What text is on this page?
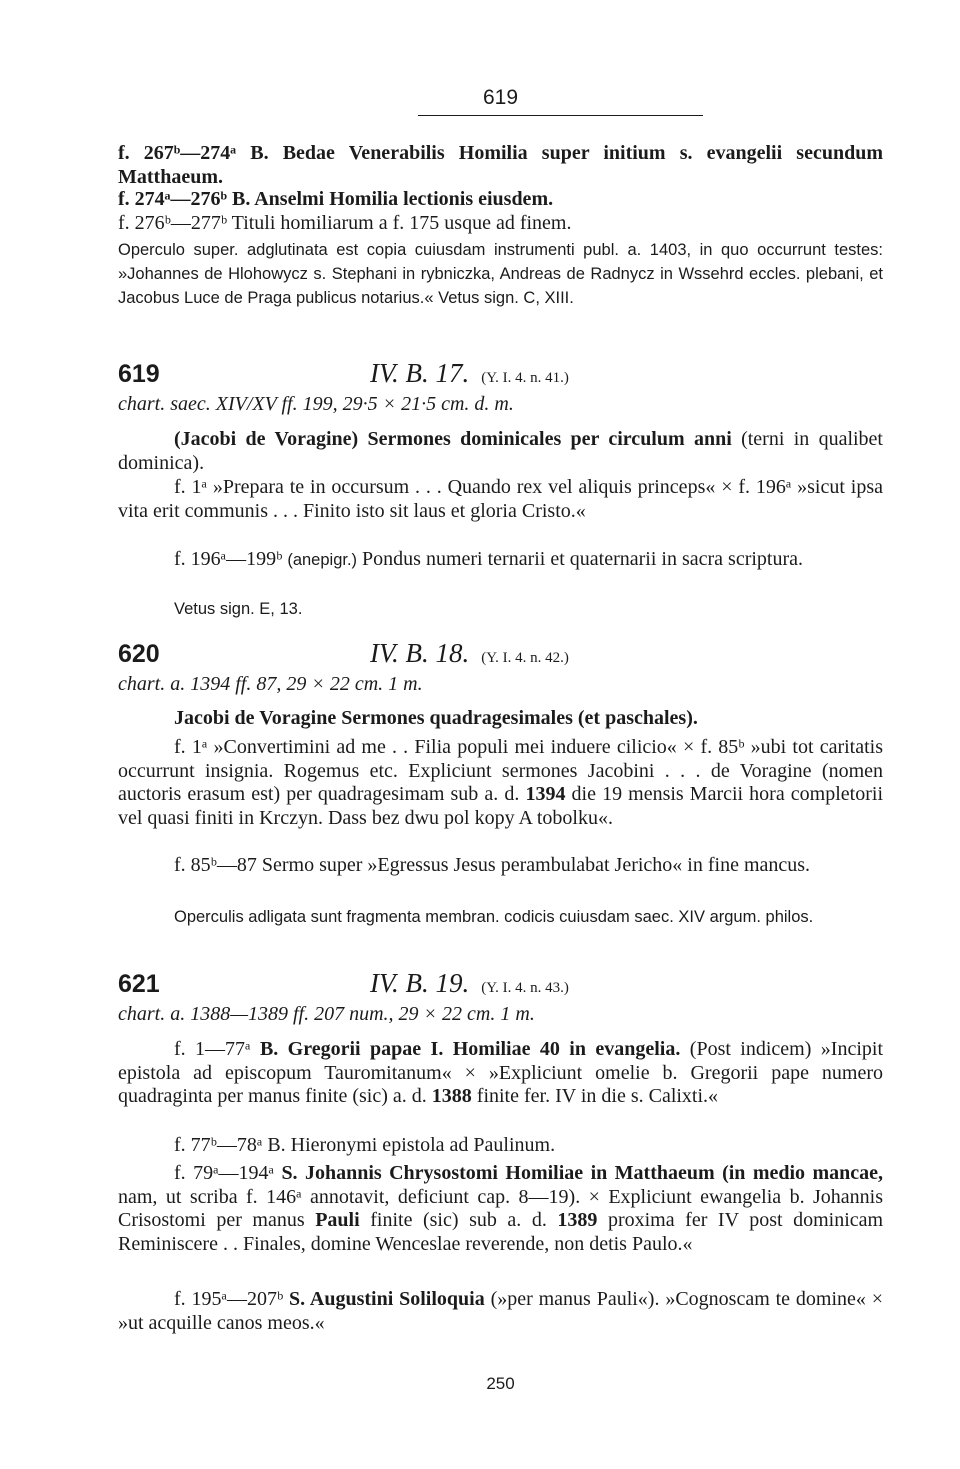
619

f. 267ᵇ—274ᵃ B. Bedae Venerabilis Homilia super initium s. evangelii secundum Matthaeum.

f. 274ᵃ—276ᵇ B. Anselmi Homilia lectionis eiusdem.

f. 276ᵇ—277ᵇ Tituli homiliarum a f. 175 usque ad finem.

Operculo super. adglutinata est copia cuiusdam instrumenti publ. a. 1403, in quo occurrunt testes: »Johannes de Hlohowycz s. Stephani in rybniczka, Andreas de Radnycz in Wssehrd eccles. plebani, et Jacobus Luce de Praga publicus notarius.« Vetus sign. C, XIII.

619	IV. B. 17. (Y. I. 4. n. 41.)

chart. saec. XIV/XV ff. 199, 29·5 × 21·5 cm. d. m.

(Jacobi de Voragine) Sermones dominicales per circulum anni (terni in qualibet dominica).

f. 1ᵃ »Prepara te in occursum . . . Quando rex vel aliquis princeps« × f. 196ᵃ »sicut ipsa vita erit communis . . . Finito isto sit laus et gloria Cristo.«

f. 196ᵃ—199ᵇ (anepigr.) Pondus numeri ternarii et quaternarii in sacra scriptura.

Vetus sign. E, 13.

620	IV. B. 18. (Y. I. 4. n. 42.)

chart. a. 1394 ff. 87, 29 × 22 cm. 1 m.

Jacobi de Voragine Sermones quadragesimales (et paschales).

f. 1ᵃ »Convertimini ad me . . Filia populi mei induere cilicio« × f. 85ᵇ »ubi tot caritatis occurrunt insignia. Rogemus etc. Expliciunt sermones Jacobini . . . de Voragine (nomen auctoris erasum est) per quadragesimam sub a. d. 1394 die 19 mensis Marcii hora completorii vel quasi finiti in Krczyn. Dass bez dwu pol kopy A tobolku«.

f. 85ᵇ—87 Sermo super »Egressus Jesus perambulabat Jericho« in fine mancus.

Operculis adligata sunt fragmenta membran. codicis cuiusdam saec. XIV argum. philos.

621	IV. B. 19. (Y. I. 4. n. 43.)

chart. a. 1388—1389 ff. 207 num., 29 × 22 cm. 1 m.

f. 1—77ᵃ B. Gregorii papae I. Homiliae 40 in evangelia. (Post indicem) »Incipit epistola ad episcopum Tauromitanum« × »Expliciunt omelie b. Gregorii pape numero quadraginta per manus finite (sic) a. d. 1388 finite fer. IV in die s. Calixti.«

f. 77ᵇ—78ᵃ B. Hieronymi epistola ad Paulinum.

f. 79ᵃ—194ᵃ S. Johannis Chrysostomi Homiliae in Matthaeum (in medio mancae, nam, ut scriba f. 146ᵃ annotavit, deficiunt cap. 8—19). × Expliciunt ewangelia b. Johannis Crisostomi per manus Pauli finite (sic) sub a. d. 1389 proxima fer IV post dominicam Reminiscere . . Finales, domine Wenceslae reverende, non detis Paulo.«

f. 195ᵃ—207ᵇ S. Augustini Soliloquia (»per manus Pauli«). »Cognoscam te domine« × »ut acquille canos meos.«

250
